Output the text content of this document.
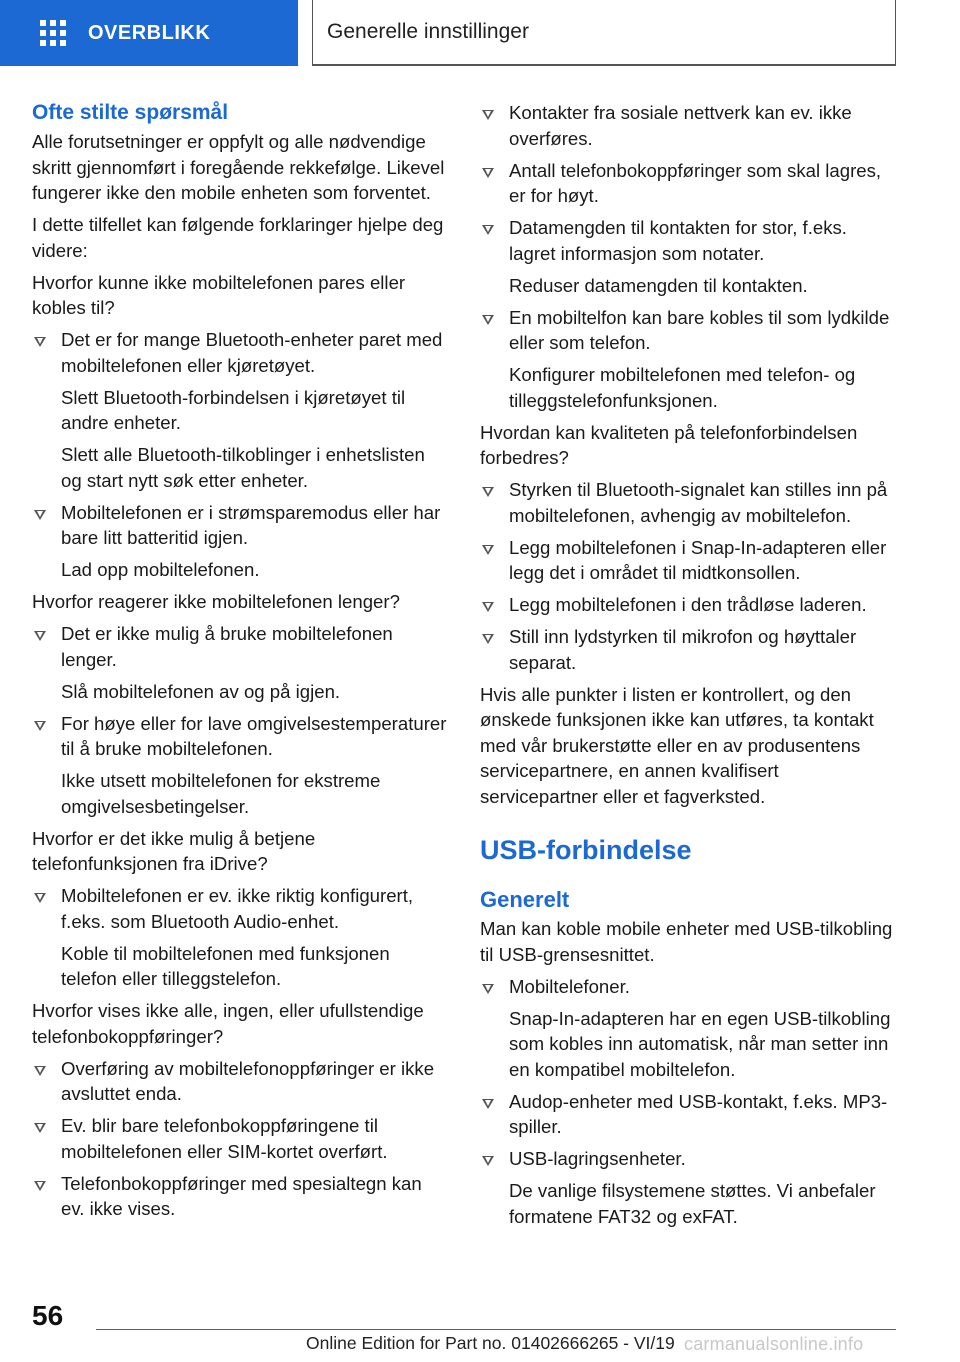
OVERBLIKK	Generelle innstillinger
Ofte stilte spørsmål

Alle forutsetninger er oppfylt og alle nødvendige skritt gjennomført i foregående rekkefølge. Likevel fungerer ikke den mobile enheten som forventet.

I dette tilfellet kan følgende forklaringer hjelpe deg videre:

Hvorfor kunne ikke mobiltelefonen pares eller kobles til?

Det er for mange Bluetooth-enheter paret med mobiltelefonen eller kjøretøyet.
Slett Bluetooth-forbindelsen i kjøretøyet til andre enheter.
Slett alle Bluetooth-tilkoblinger i enhetslisten og start nytt søk etter enheter.
Mobiltelefonen er i strømsparemodus eller har bare litt batteritid igjen.
Lad opp mobiltelefonen.

Hvorfor reagerer ikke mobiltelefonen lenger?

Det er ikke mulig å bruke mobiltelefonen lenger.
Slå mobiltelefonen av og på igjen.
For høye eller for lave omgivelsestemperaturer til å bruke mobiltelefonen.
Ikke utsett mobiltelefonen for ekstreme omgivelsesbetingelser.

Hvorfor er det ikke mulig å betjene telefonfunksjonen fra iDrive?

Mobiltelefonen er ev. ikke riktig konfigurert, f.eks. som Bluetooth Audio-enhet.
Koble til mobiltelefonen med funksjonen telefon eller tilleggstelefon.

Hvorfor vises ikke alle, ingen, eller ufullstendige telefonbokoppføringer?

Overføring av mobiltelefonoppføringer er ikke avsluttet enda.
Ev. blir bare telefonbokoppføringene til mobiltelefonen eller SIM-kortet overført.
Telefonbokoppføringer med spesialtegn kan ev. ikke vises.
Kontakter fra sosiale nettverk kan ev. ikke overføres.
Antall telefonbokoppføringer som skal lagres, er for høyt.
Datamengden til kontakten for stor, f.eks. lagret informasjon som notater.
Reduser datamengden til kontakten.
En mobiltelfon kan bare kobles til som lydkilde eller som telefon.
Konfigurer mobiltelefonen med telefon- og tilleggstelefonfunksjonen.

Hvordan kan kvaliteten på telefonforbindelsen forbedres?

Styrken til Bluetooth-signalet kan stilles inn på mobiltelefonen, avhengig av mobiltelefon.
Legg mobiltelefonen i Snap-In-adapteren eller legg det i området til midtkonsollen.
Legg mobiltelefonen i den trådløse laderen.
Still inn lydstyrken til mikrofon og høyttaler separat.

Hvis alle punkter i listen er kontrollert, og den ønskede funksjonen ikke kan utføres, ta kontakt med vår brukerstøtte eller en av produsentens servicepartnere, en annen kvalifisert servicepartner eller et fagverksted.

USB-forbindelse
Generelt

Man kan koble mobile enheter med USB-tilkobling til USB-grensesnittet.

Mobiltelefoner.
Snap-In-adapteren har en egen USB-tilkobling som kobles inn automatisk, når man setter inn en kompatibel mobiltelefon.
Audop-enheter med USB-kontakt, f.eks. MP3-spiller.
USB-lagringsenheter.
De vanlige filsystemene støttes. Vi anbefaler formatene FAT32 og exFAT.
56
Online Edition for Part no. 01402666265 - VI/19 carmanualsonline.info
